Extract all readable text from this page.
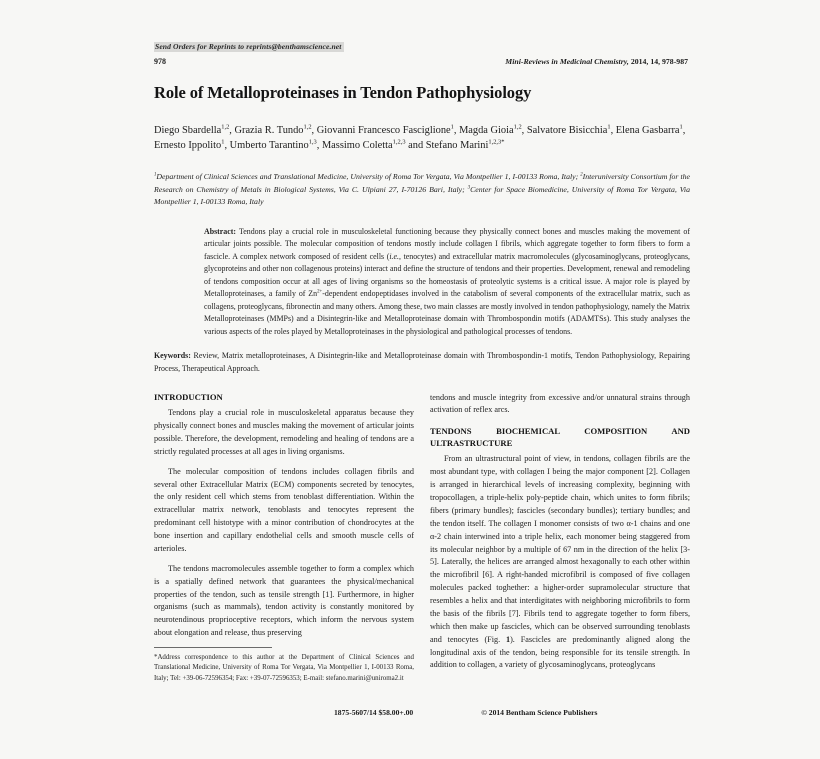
Send Orders for Reprints to reprints@benthamscience.net
978	Mini-Reviews in Medicinal Chemistry, 2014, 14, 978-987
Role of Metalloproteinases in Tendon Pathophysiology
Diego Sbardella$^{1,2}$, Grazia R. Tundo$^{1,2}$, Giovanni Francesco Fasciglione$^1$, Magda Gioia$^{1,2}$, Salvatore Bisicchia$^1$, Elena Gasbarra$^1$, Ernesto Ippolito$^1$, Umberto Tarantino$^{1,3}$, Massimo Coletta$^{1,2,3}$ and Stefano Marini$^{1,2,3*}$
$^1$Department of Clinical Sciences and Translational Medicine, University of Roma Tor Vergata, Via Montpellier 1, I-00133 Roma, Italy; $^2$Interuniversity Consortium for the Research on Chemistry of Metals in Biological Systems, Via C. Ulpiani 27, I-70126 Bari, Italy; $^3$Center for Space Biomedicine, University of Roma Tor Vergata, Via Montpellier 1, I-00133 Roma, Italy
Abstract: Tendons play a crucial role in musculoskeletal functioning because they physically connect bones and muscles making the movement of articular joints possible. The molecular composition of tendons mostly include collagen I fibrils, which aggregate together to form fibers to form a fascicle. A complex network composed of resident cells (i.e., tenocytes) and extracellular matrix macromolecules (glycosaminoglycans, proteoglycans, glycoproteins and other non collagenous proteins) interact and define the structure of tendons and their properties. Development, renewal and remodeling of tendons composition occur at all ages of living organisms so the homeostasis of proteolytic systems is a critical issue. A major role is played by Metalloproteinases, a family of $Zn^{2+}$-dependent endopeptidases involved in the catabolism of several components of the extracellular matrix, such as collagens, proteoglycans, fibronectin and many others. Among these, two main classes are mostly involved in tendon pathophysiology, namely the Matrix Metalloproteinases (MMPs) and a Disintegrin-like and Metalloproteinase domain with Thrombospondin motifs (ADAMTSs). This study analyses the various aspects of the roles played by Metalloproteinases in the physiological and pathological processes of tendons.
Keywords: Review, Matrix metalloproteinases, A Disintegrin-like and Metalloproteinase domain with Thrombospondin-1 motifs, Tendon Pathophysiology, Repairing Process, Therapeutical Approach.
INTRODUCTION

Tendons play a crucial role in musculoskeletal apparatus because they physically connect bones and muscles making the movement of articular joints possible. Therefore, the development, remodeling and healing of tendons are a strictly regulated processes at all ages in living organisms.

The molecular composition of tendons includes collagen fibrils and several other Extracellular Matrix (ECM) components secreted by tenocytes, the only resident cell which stems from tenoblast differentiation. Within the extracellular matrix network, tenoblasts and tenocytes represent the predominant cell histotype with a minor contribution of chondrocytes at the bone insertion and capillary endothelial cells and smooth muscle cells of arterioles.

The tendons macromolecules assemble together to form a complex which is a spatially defined network that guarantees the physical/mechanical properties of the tendon, such as tensile strength [1]. Furthermore, in higher organisms (such as mammals), tendon activity is constantly monitored by neurotendinous proprioceptive receptors, which inform the nervous system about elongation and release, thus preserving

*Address correspondence to this author at the Department of Clinical Sciences and Translational Medicine, University of Roma Tor Vergata, Via Montpellier 1, I-00133 Roma, Italy; Tel: +39-06-72596354; Fax: +39-07-72596353; E-mail: stefano.marini@uniroma2.it

tendons and muscle integrity from excessive and/or unnatural strains through activation of reflex arcs.

TENDONS BIOCHEMICAL COMPOSITION AND ULTRASTRUCTURE

From an ultrastructural point of view, in tendons, collagen fibrils are the most abundant type, with collagen I being the major component [2]. Collagen is arranged in hierarchical levels of increasing complexity, beginning with tropocollagen, a triple-helix poly-peptide chain, which unites to form fibrils; fibers (primary bundles); fascicles (secondary bundles); tertiary bundles; and the tendon itself. The collagen I monomer consists of two α-1 chains and one α-2 chain interwined into a triple helix, each monomer being staggered from its molecular neighbor by a multiple of 67 nm in the direction of the helix [3-5]. Laterally, the helices are arranged almost hexagonally to each other within the microfibril [6]. A right-handed microfibril is composed of five collagen molecules packed toghether: a higher-order supramolecular structure that resembles a helix and that interdigitates with neighboring microfibrils to form the basis of the fibrils [7]. Fibrils tend to aggregate together to form fibers, which then make up fascicles, which can be observed surrounding tenoblasts and tenocytes (Fig. 1). Fascicles are predominantly aligned along the longitudinal axis of the tendon, being responsible for its tensile strength. In addition to collagen, a variety of glycosaminoglycans, proteoglycans

1875-5607/14 $58.00+.00	© 2014 Bentham Science Publishers
